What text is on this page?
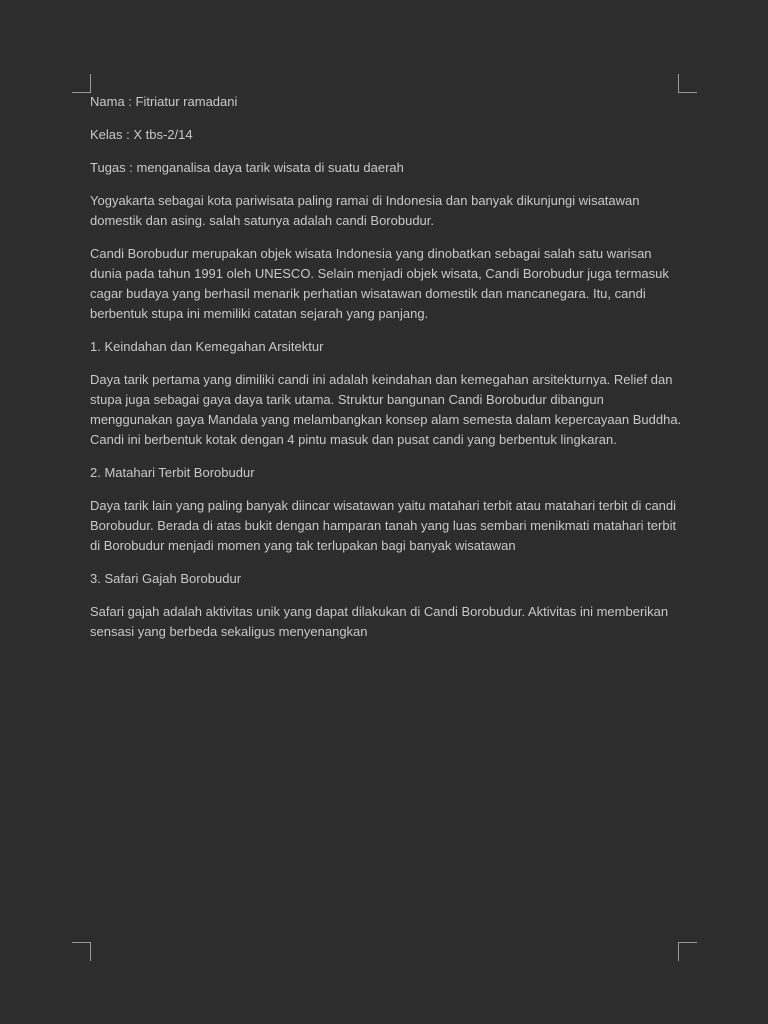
Nama : Fitriatur ramadani

Kelas : X tbs-2/14

Tugas : menganalisa daya tarik wisata di suatu daerah

Yogyakarta sebagai kota pariwisata paling ramai di Indonesia dan banyak dikunjungi wisatawan domestik dan asing. salah satunya adalah candi Borobudur.

Candi Borobudur merupakan objek wisata Indonesia yang dinobatkan sebagai salah satu warisan dunia pada tahun 1991 oleh UNESCO. Selain menjadi objek wisata, Candi Borobudur juga termasuk cagar budaya yang berhasil menarik perhatian wisatawan domestik dan mancanegara. Itu, candi berbentuk stupa ini memiliki catatan sejarah yang panjang.

1. Keindahan dan Kemegahan Arsitektur

Daya tarik pertama yang dimiliki candi ini adalah keindahan dan kemegahan arsitekturnya. Relief dan stupa juga sebagai gaya daya tarik utama. Struktur bangunan Candi Borobudur dibangun menggunakan gaya Mandala yang melambangkan konsep alam semesta dalam kepercayaan Buddha. Candi ini berbentuk kotak dengan 4 pintu masuk dan pusat candi yang berbentuk lingkaran.

2. Matahari Terbit Borobudur

Daya tarik lain yang paling banyak diincar wisatawan yaitu matahari terbit atau matahari terbit di candi Borobudur. Berada di atas bukit dengan hamparan tanah yang luas sembari menikmati matahari terbit di Borobudur menjadi momen yang tak terlupakan bagi banyak wisatawan

3. Safari Gajah Borobudur

Safari gajah adalah aktivitas unik yang dapat dilakukan di Candi Borobudur. Aktivitas ini memberikan sensasi yang berbeda sekaligus menyenangkan
